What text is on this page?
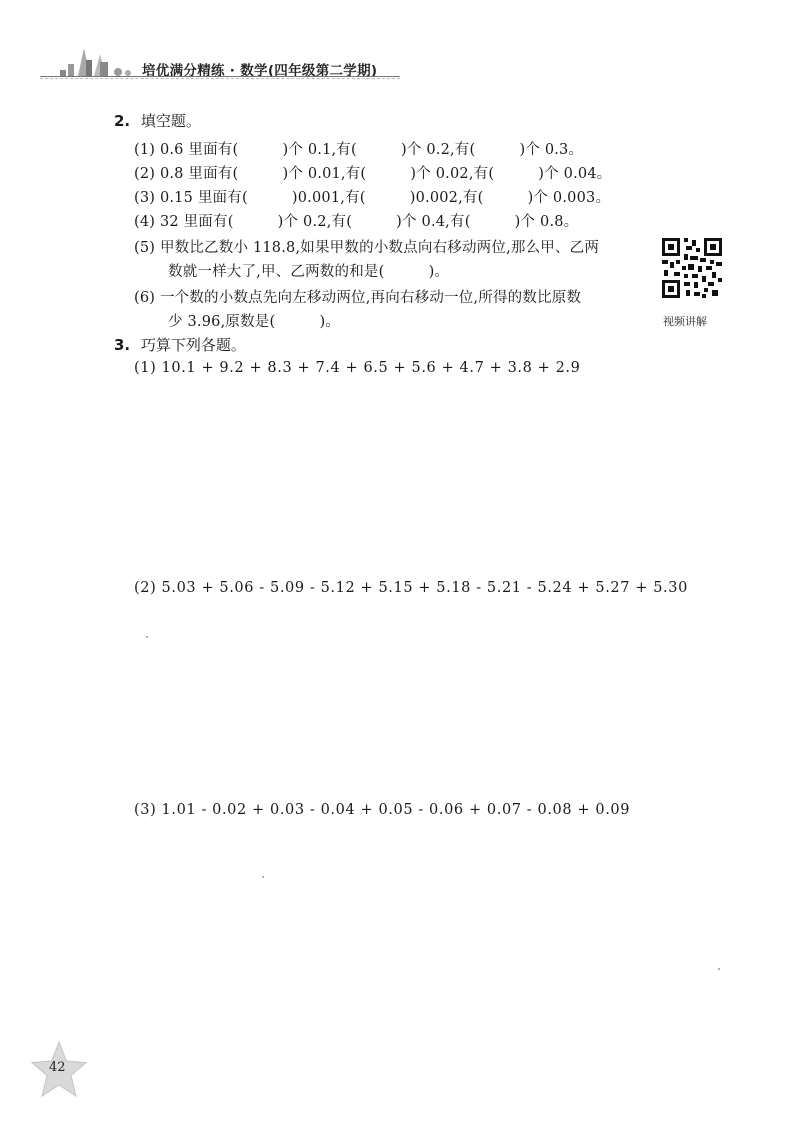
培优满分精练 · 数学(四年级第二学期)
2. 填空题。
(1) 0.6 里面有(　　　)个 0.1,有(　　　)个 0.2,有(　　　)个 0.3。
(2) 0.8 里面有(　　　)个 0.01,有(　　　)个 0.02,有(　　　)个 0.04。
(3) 0.15 里面有(　　　)0.001,有(　　　)0.002,有(　　　)个 0.003。
(4) 32 里面有(　　　)个 0.2,有(　　　)个 0.4,有(　　　)个 0.8。
(5) 甲数比乙数小 118.8,如果甲数的小数点向右移动两位,那么甲、乙两
数就一样大了,甲、乙两数的和是(　　　)。
(6) 一个数的小数点先向左移动两位,再向右移动一位,所得的数比原数
少 3.96,原数是(　　　)。	视频讲解
3. 巧算下列各题。
(1) 10.1 + 9.2 + 8.3 + 7.4 + 6.5 + 5.6 + 4.7 + 3.8 + 2.9
(2) 5.03 + 5.06 - 5.09 - 5.12 + 5.15 + 5.18 - 5.21 - 5.24 + 5.27 + 5.30
(3) 1.01 - 0.02 + 0.03 - 0.04 + 0.05 - 0.06 + 0.07 - 0.08 + 0.09
42
